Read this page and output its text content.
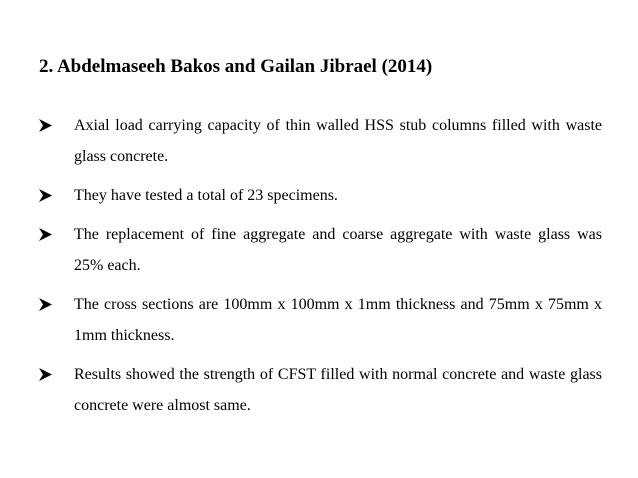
2. Abdelmaseeh Bakos and Gailan Jibrael (2014)
Axial load carrying capacity of thin walled HSS stub columns filled with waste glass concrete.
They have tested a total of 23 specimens.
The replacement of fine aggregate and coarse aggregate with waste glass was 25% each.
The cross sections are 100mm x 100mm x 1mm thickness and 75mm x 75mm x 1mm thickness.
Results showed the strength of CFST filled with normal concrete and waste glass concrete were almost same.
